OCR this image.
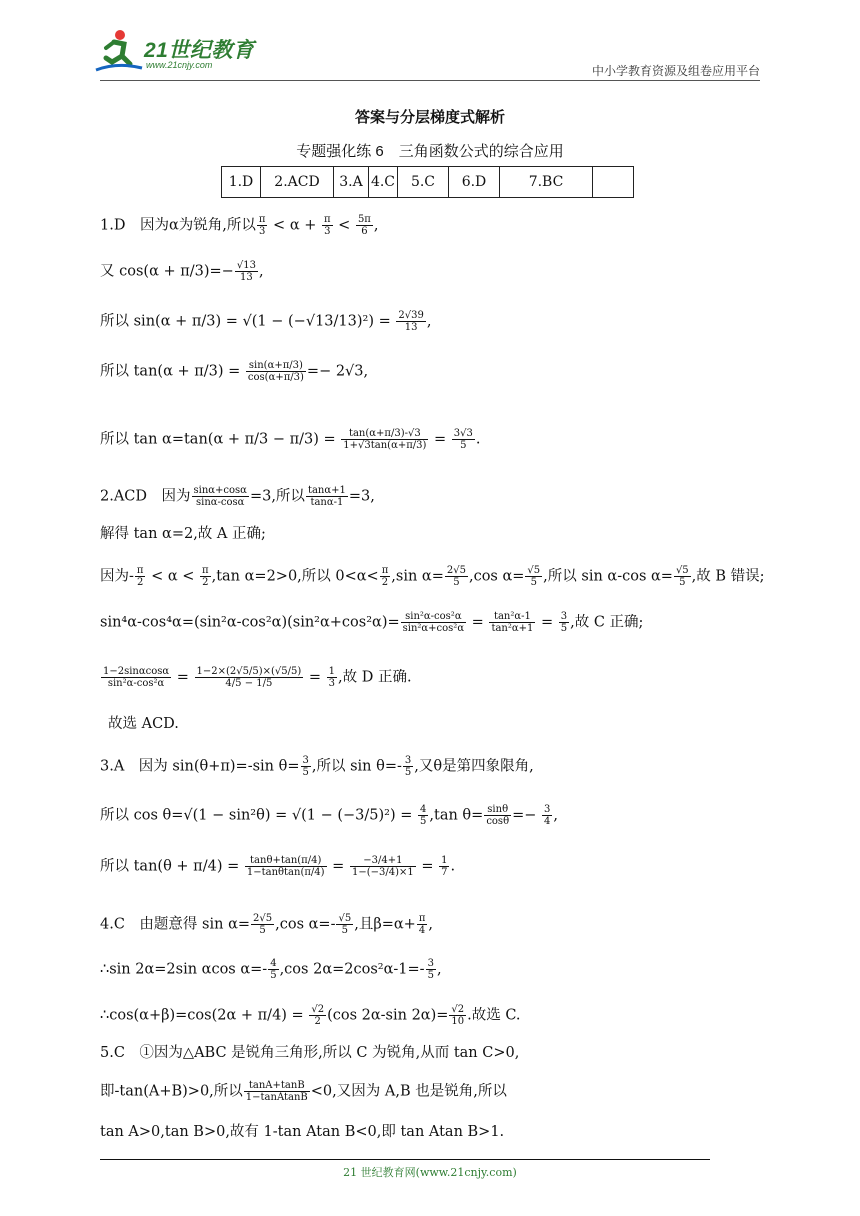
21世纪教育
www.21cnjy.com	中小学教育资源及组卷应用平台
答案与分层梯度式解析
专题强化练 6　三角函数公式的综合应用
1.D	2.ACD	3.A	4.C	5.C	6.D	7.BC	
1.D　因为α为锐角,所以 $\frac{\pi}{3} < \alpha + \frac{\pi}{3} < \frac{5\pi}{6}$ ,
又 $\cos(\alpha + \pi/3)=- \frac{√13}{13}$ ,
所以 $\sin(\alpha + \pi/3) = √(1 - (-√13/13)^2) = \frac{2√39}{13}$ ,
所以 $\tan(\alpha + \pi/3) = \frac{\sin(\alpha+\pi/3)}{\cos(\alpha+\pi/3)} =- 2√3$,
所以 $\tan \alpha=\tan(\alpha + \pi/3 - \pi/3) = \frac{\tan(\alpha+\pi/3)-√3}{1+√3\tan(\alpha+\pi/3)} = \frac{3√3}{5}$ .
2.ACD　因为 $\frac{\sin\alpha+\cos\alpha}{\sin\alpha-\cos\alpha} =3$,所以 $\frac{\tan\alpha+1}{\tan\alpha-1} =3$,
解得 tan α=2,故 A 正确;
因为- $\frac{\pi}{2} < \alpha < \frac{\pi}{2} ,\tan$ α=2>0,所以 $0<\alpha< \frac{\pi}{2} ,\sin$ $\alpha= \frac{2√5}{5} ,\cos$ $\alpha= \frac{√5}{5}$ ,所以 sin α-cos $\alpha= \frac{√5}{5}$ ,故 B 错误;
$\sin^4\alpha-\cos^4\alpha=(\sin^2\alpha-\cos^2\alpha)(\sin^2\alpha+\cos^2\alpha)= \frac{\text{sin²α-cos²α}}{\text{sin²α+cos²α}} = \frac{\text{tan²α-1}}{\text{tan²α+1}} = \frac{3}{5}$ ,故 C 正确;
$\frac{1-2\sin\alpha\cos\alpha}{\text{sin²α-cos²α}} = \frac{1-2\times(2√5/5)\times(√5/5)}{4/5 - 1/5} = \frac{1}{3}$ ,故 D 正确.
故选 ACD.
3.A　因为 sin(θ+π)=-sin $\theta= \frac{3}{5}$ ,所以 $\sin \theta=- \frac{3}{5}$ ,又θ是第四象限角,
所以 $\cos \theta=√(1 - \sin^2\theta) = √(1 - (-3/5)^2) = \frac{4}{5} ,\tan$ $\theta= \frac{\sin\theta}{\cos\theta} =- \frac{3}{4}$ ,
所以 $\tan(\theta + \pi/4) = \frac{\tan\theta+\tan(\pi/4)}{1-\tan\theta\tan(\pi/4)} = \frac{-3/4+1}{1-(-3/4)\times 1} = \frac{1}{7}$ .
4.C　由题意得 $\sin \alpha= \frac{2√5}{5} ,\cos$ $\alpha=- \frac{√5}{5}$ ,且$\beta=\alpha+ \frac{\pi}{4}$ ,
∴sin 2α=2sin αcos $\alpha=- \frac{4}{5} ,\cos$ $2\alpha=2\cos^2\alpha-1=- \frac{3}{5}$ ,
∴cos(α+β)=cos(2α + $\pi/4) = \frac{√2}{2} (\cos$ 2α-sin $2\alpha)= \frac{√2}{10}$ .故选 C.
5.C　①因为△ABC 是锐角三角形,所以 C 为锐角,从而 tan C>0,
即-tan(A+B)>0,所以 $\frac{\tan A+\tan B}{\text{1−tanAtanB}} <0$,又因为 A,B 也是锐角,所以
tan A>0,tan B>0,故有 1-tan Atan B<0,即 tan Atan B>1.
21 世纪教育网(www.21cnjy.com)
